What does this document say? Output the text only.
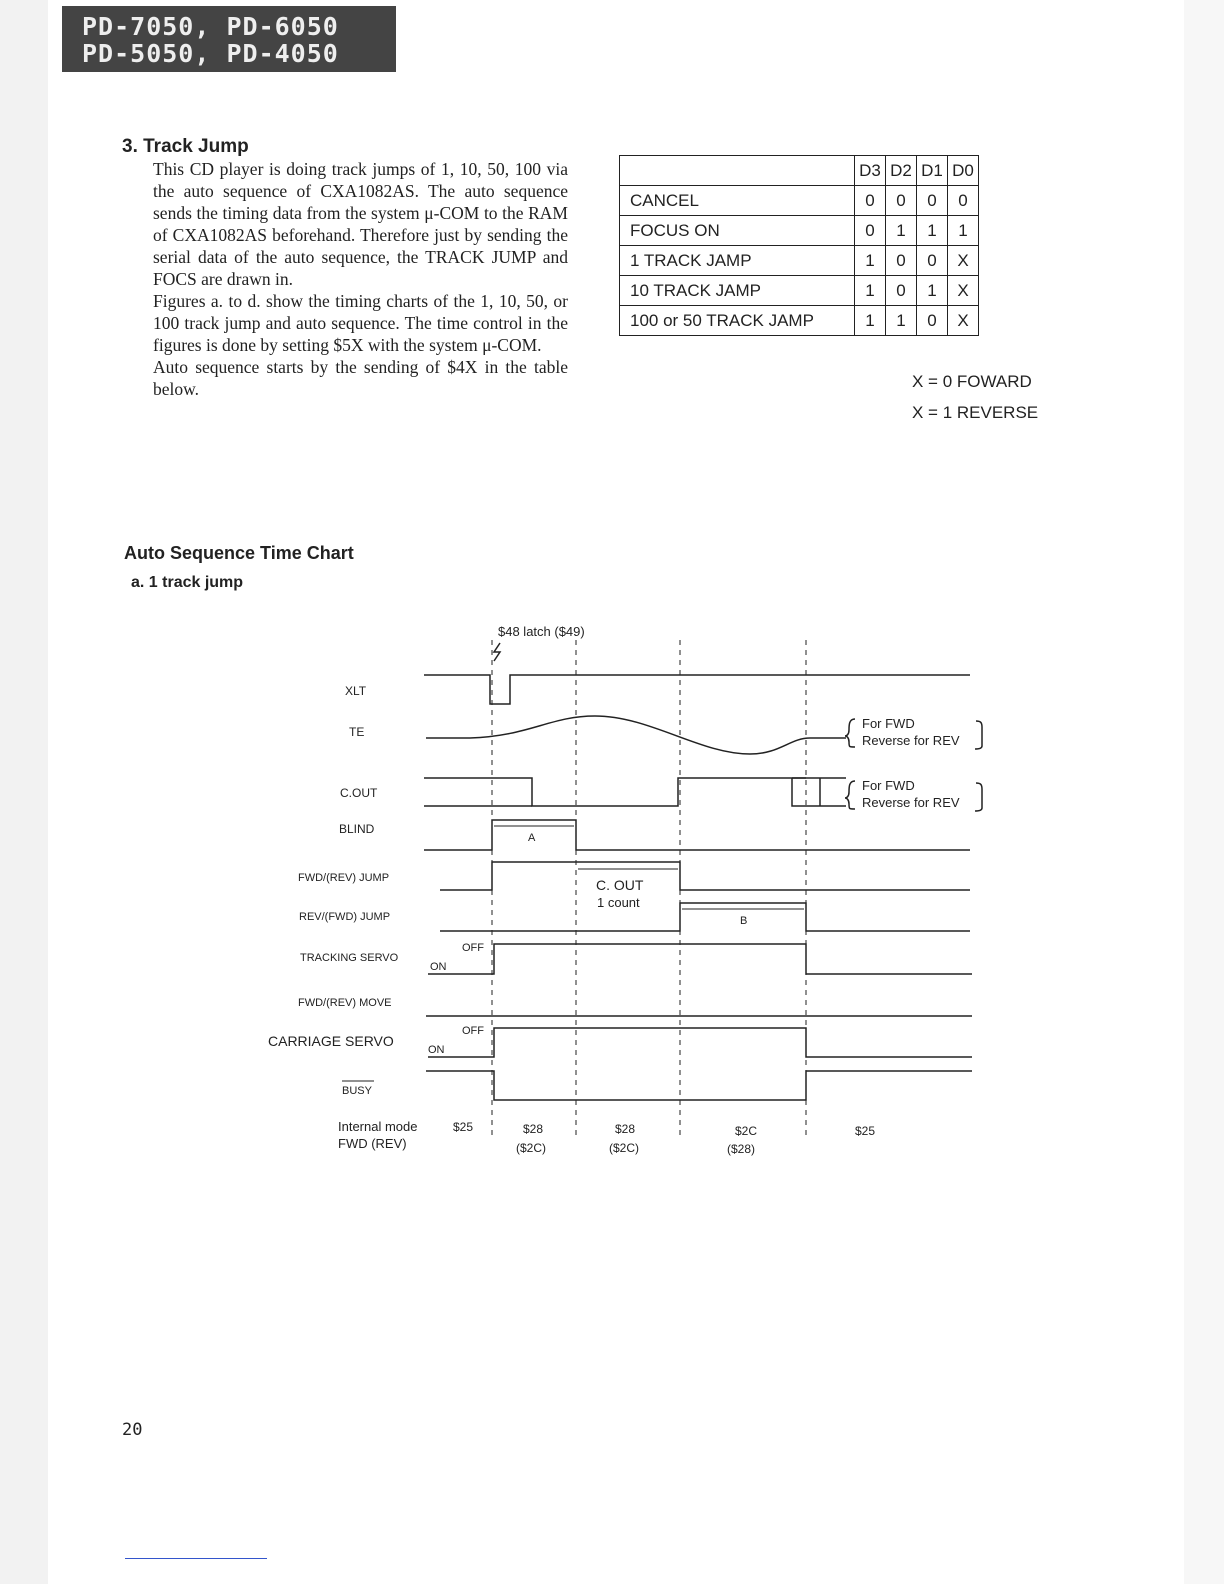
PD-7050, PD-6050
PD-5050, PD-4050
3. Track Jump

This CD player is doing track jumps of 1, 10, 50, 100 via the auto sequence of CXA1082AS. The auto sequence sends the timing data from the system μ-COM to the RAM of CXA1082AS beforehand. Therefore just by sending the serial data of the auto sequence, the TRACK JUMP and FOCS are drawn in.

Figures a. to d. show the timing charts of the 1, 10, 50, or 100 track jump and auto sequence. The time control in the figures is done by setting $5X with the system μ-COM.

Auto sequence starts by the sending of $4X in the table below.

	D3	D2	D1	D0
CANCEL	0	0	0	0
FOCUS ON	0	1	1	1
1 TRACK JAMP	1	0	0	X
10 TRACK JAMP	1	0	1	X
100 or 50 TRACK JAMP	1	1	0	X
X = 0 FOWARD
X = 1 REVERSE
Auto Sequence Time Chart
a. 1 track jump
$48 latch ($49)
XLT
TE
C.OUT
BLIND
FWD/(REV) JUMP
REV/(FWD) JUMP
TRACKING SERVO
FWD/(REV) MOVE
CARRIAGE SERVO
BUSY
For FWD
Reverse for REV
For FWD
Reverse for REV
A
C. OUT
1 count
B
OFF
ON
OFF
ON
Internal mode
FWD (REV)
$25	$28
($2C)
$28
($2C)
$2C
($28)
$25
20
